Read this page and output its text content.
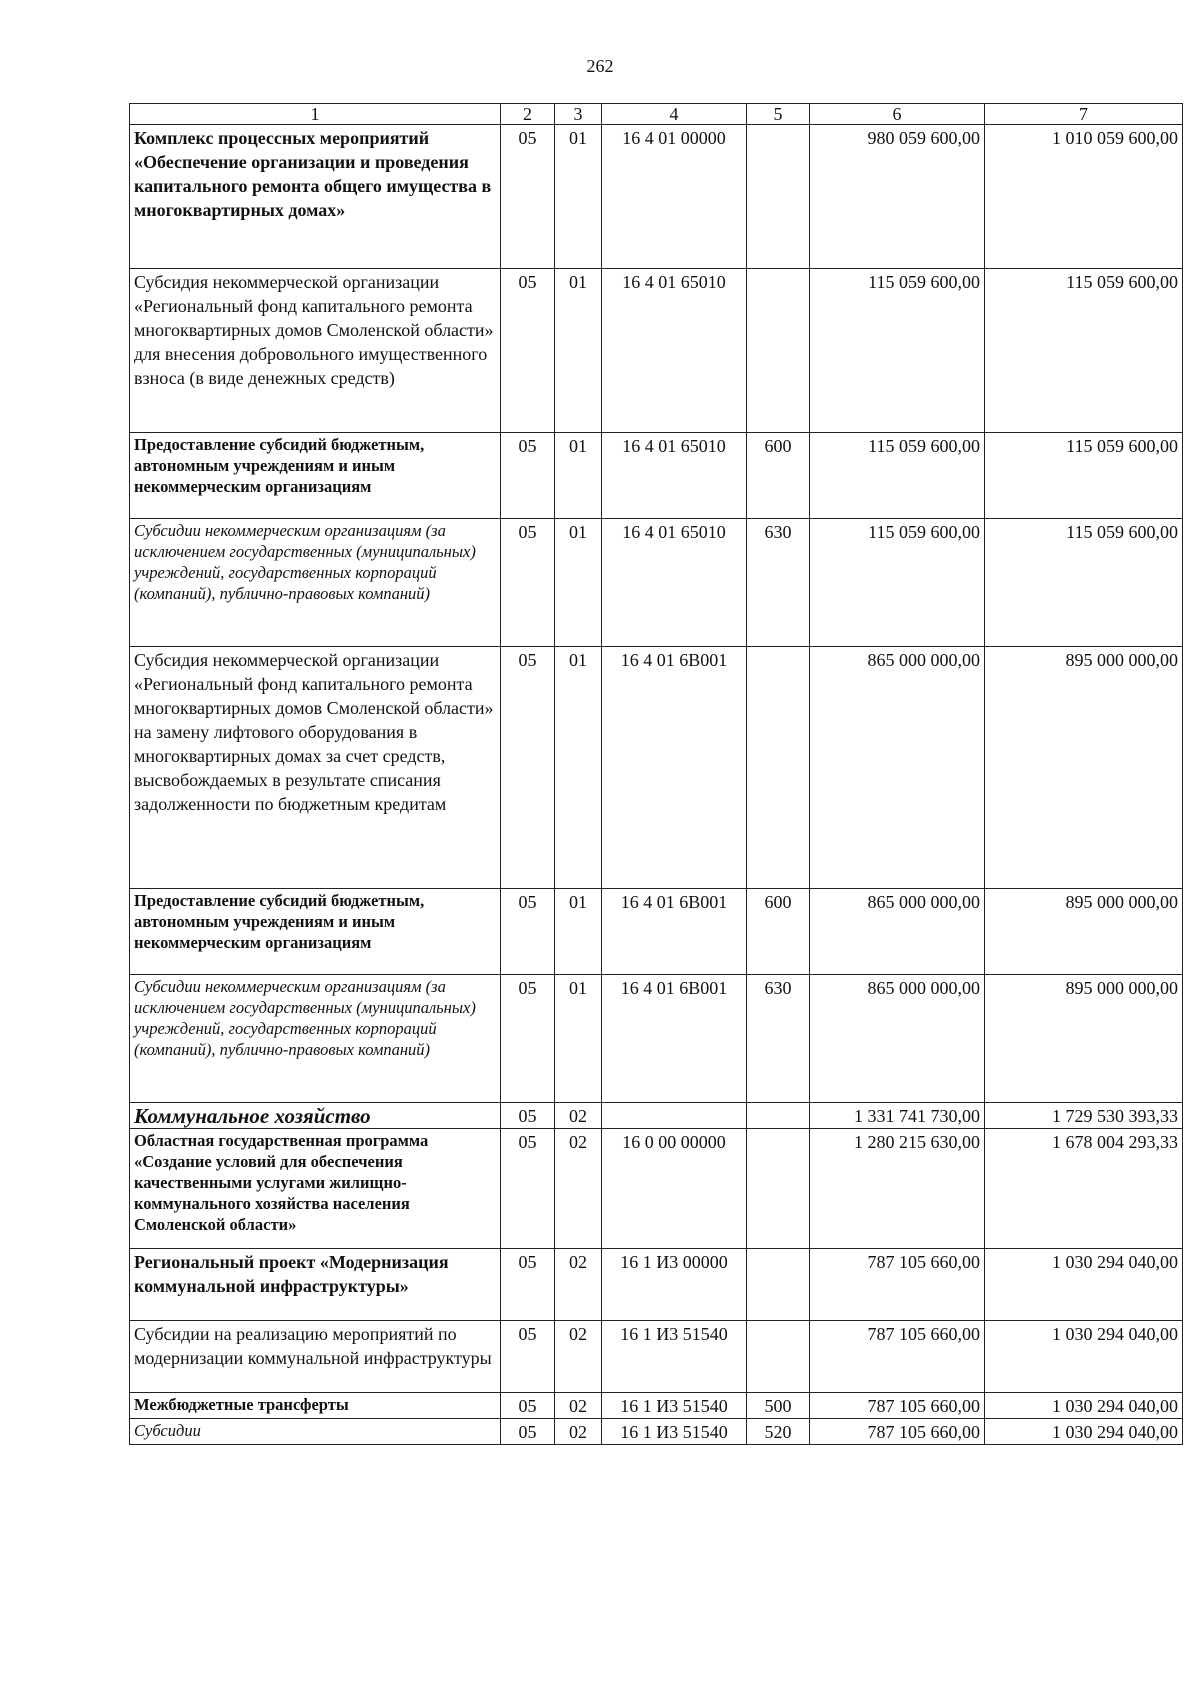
262
1	2	3	4	5	6	7
Комплекс процессных мероприятий «Обеспечение организации и проведения капитального ремонта общего имущества в многоквартирных домах»	05	01	16 4 01 00000		980 059 600,00	1 010 059 600,00
Субсидия некоммерческой организации «Региональный фонд капитального ремонта многоквартирных домов Смоленской области» для внесения добровольного имущественного взноса (в виде денежных средств)	05	01	16 4 01 65010		115 059 600,00	115 059 600,00
Предоставление субсидий бюджетным, автономным учреждениям и иным некоммерческим организациям	05	01	16 4 01 65010	600	115 059 600,00	115 059 600,00
Субсидии некоммерческим организациям (за исключением государственных (муниципальных) учреждений, государственных корпораций (компаний), публично-правовых компаний)	05	01	16 4 01 65010	630	115 059 600,00	115 059 600,00
Субсидия некоммерческой организации «Региональный фонд капитального ремонта многоквартирных домов Смоленской области» на замену лифтового оборудования в многоквартирных домах за счет средств, высвобождаемых в результате списания задолженности по бюджетным кредитам	05	01	16 4 01 6В001		865 000 000,00	895 000 000,00
Предоставление субсидий бюджетным, автономным учреждениям и иным некоммерческим организациям	05	01	16 4 01 6В001	600	865 000 000,00	895 000 000,00
Субсидии некоммерческим организациям (за исключением государственных (муниципальных) учреждений, государственных корпораций (компаний), публично-правовых компаний)	05	01	16 4 01 6В001	630	865 000 000,00	895 000 000,00
Коммунальное хозяйство	05	02			1 331 741 730,00	1 729 530 393,33
Областная государственная программа «Создание условий для обеспечения качественными услугами жилищно-коммунального хозяйства населения Смоленской области»	05	02	16 0 00 00000		1 280 215 630,00	1 678 004 293,33
Региональный проект «Модернизация коммунальной инфраструктуры»	05	02	16 1 И3 00000		787 105 660,00	1 030 294 040,00
Субсидии на реализацию мероприятий по модернизации коммунальной инфраструктуры	05	02	16 1 И3 51540		787 105 660,00	1 030 294 040,00
Межбюджетные трансферты	05	02	16 1 И3 51540	500	787 105 660,00	1 030 294 040,00
Субсидии	05	02	16 1 И3 51540	520	787 105 660,00	1 030 294 040,00
